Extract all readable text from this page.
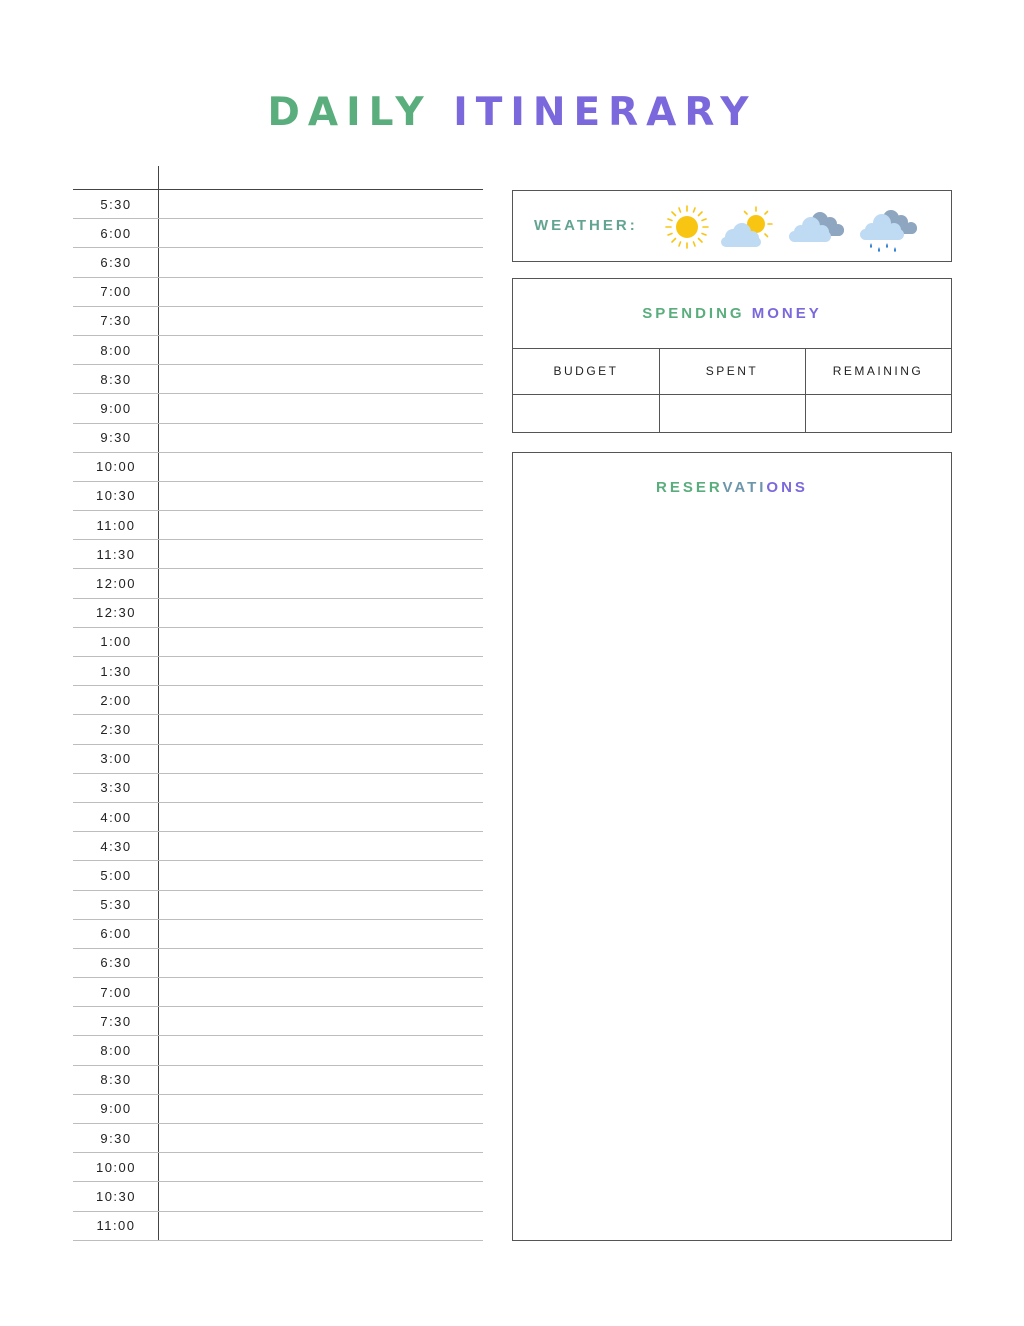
DAILY ITINERARY
5:30
6:00
6:30
7:00
7:30
8:00
8:30
9:00
9:30
10:00
10:30
11:00
11:30
12:00
12:30
1:00
1:30
2:00
2:30
3:00
3:30
4:00
4:30
5:00
5:30
6:00
6:30
7:00
7:30
8:00
8:30
9:00
9:30
10:00
10:30
11:00
WEATHER:
SPENDING MONEY
BUDGET	SPENT	REMAINING
RESERVATIONS
